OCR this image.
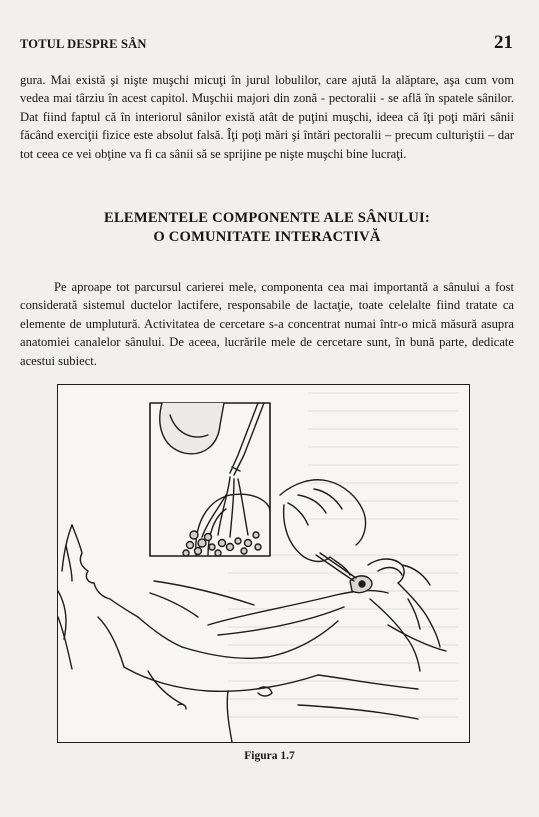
TOTUL DESPRE SÂN	21

gura. Mai există şi nişte muşchi micuţi în jurul lobulilor, care ajută la alăptare, aşa cum vom vedea mai târziu în acest capitol. Muşchii majori din zonă - pectoralii - se află în spatele sânilor. Dat fiind faptul că în interiorul sânilor există atât de puţini muşchi, ideea că îţi poţi mări sânii făcând exerciţii fizice este absolut falsă. Îţi poţi mări şi întări pectoralii – precum culturiştii – dar tot ceea ce vei obţine va fi ca sânii să se sprijine pe nişte muşchi bine lucraţi.

ELEMENTELE COMPONENTE ALE SÂNULUI:
O COMUNITATE INTERACTIVĂ

Pe aproape tot parcursul carierei mele, componenta cea mai importantă a sânului a fost considerată sistemul ductelor lactifere, responsabile de lactaţie, toate celelalte fiind tratate ca elemente de umplutură. Activitatea de cercetare s-a concentrat numai într-o mică măsură asupra anatomiei canalelor sânului. De aceea, lucrările mele de cercetare sunt, în bună parte, dedicate acestui subiect.

Figura 1.7
